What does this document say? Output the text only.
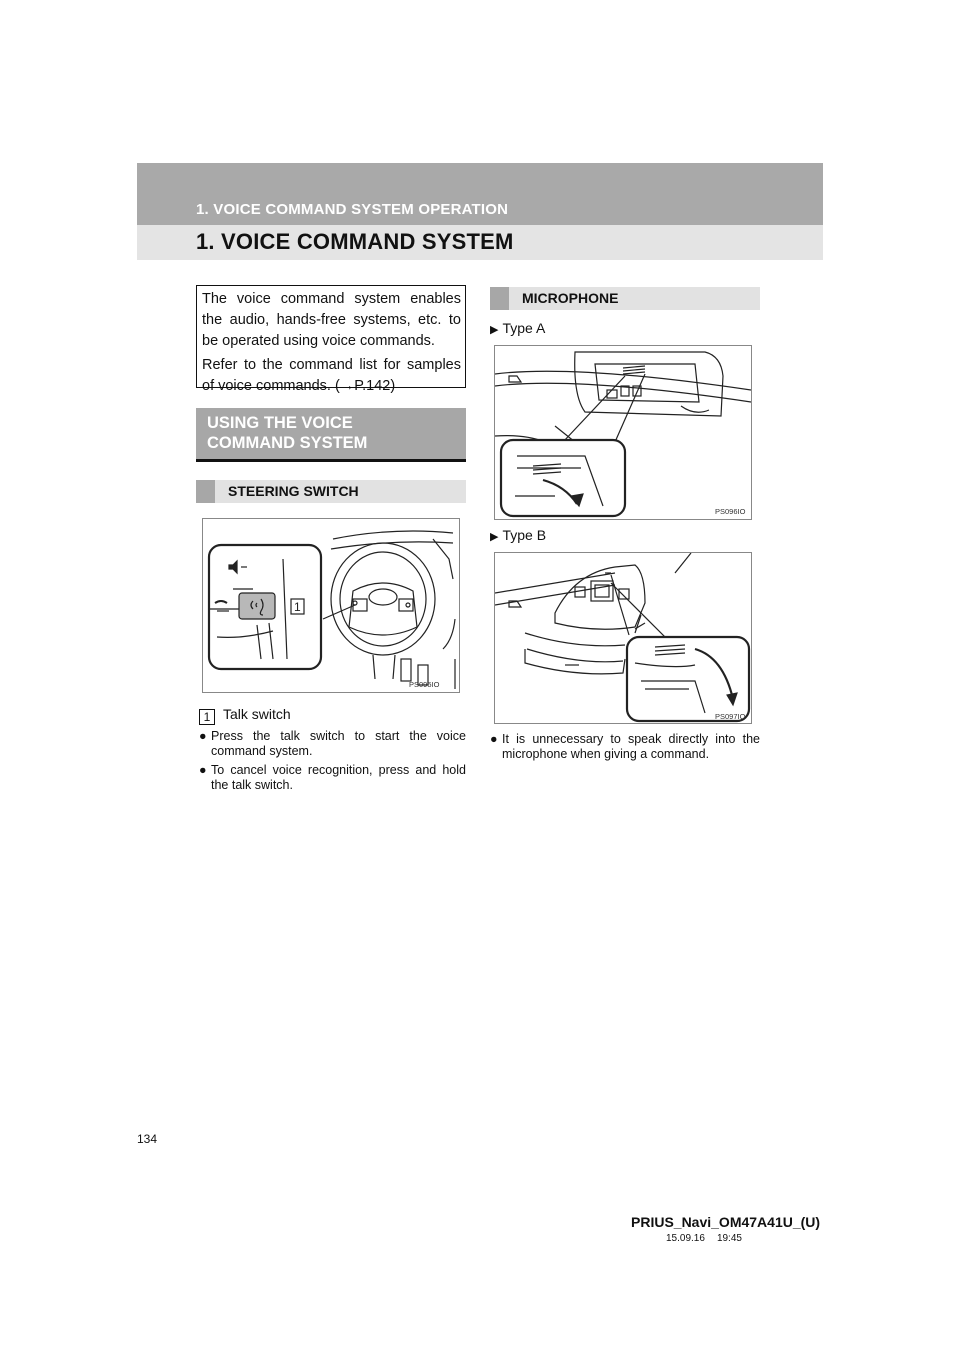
1. VOICE COMMAND SYSTEM OPERATION
1. VOICE COMMAND SYSTEM

The voice command system enables the audio, hands-free systems, etc. to be operated using voice commands.

Refer to the command list for samples of voice commands. (→P.142)

USING THE VOICE
COMMAND SYSTEM
STEERING SWITCH
1
PS095IO
1 Talk switch
● Press the talk switch to start the voice command system.
● To cancel voice recognition, press and hold the talk switch.
MICROPHONE
▶ Type A
PS096IO
▶ Type B
PS097IO
● It is unnecessary to speak directly into the microphone when giving a command.
134
PRIUS_Navi_OM47A41U_(U)
15.09.16 19:45
